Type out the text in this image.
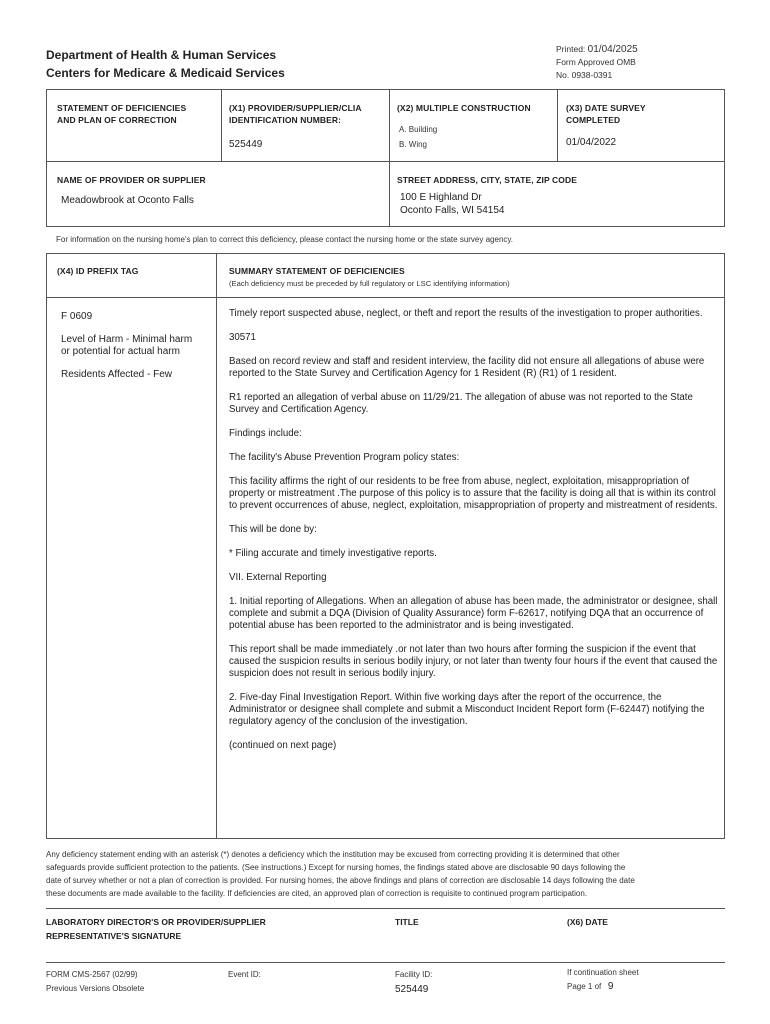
Department of Health & Human Services
Centers for Medicare & Medicaid Services
Printed: 01/04/2025
Form Approved OMB
No. 0938-0391
STATEMENT OF DEFICIENCIES
AND PLAN OF CORRECTION
(X1) PROVIDER/SUPPLIER/CLIA
IDENTIFICATION NUMBER:
525449
(X2) MULTIPLE CONSTRUCTION
A. Building
B. Wing
(X3) DATE SURVEY
COMPLETED
01/04/2022
NAME OF PROVIDER OR SUPPLIER
Meadowbrook at Oconto Falls
STREET ADDRESS, CITY, STATE, ZIP CODE
100 E Highland Dr
Oconto Falls, WI 54154
For information on the nursing home's plan to correct this deficiency, please contact the nursing home or the state survey agency.
(X4) ID PREFIX TAG	SUMMARY STATEMENT OF DEFICIENCIES
(Each deficiency must be preceded by full regulatory or LSC identifying information)
F 0609
Level of Harm - Minimal harm
or potential for actual harm
Residents Affected - Few

Timely report suspected abuse, neglect, or theft and report the results of the investigation to proper authorities.

30571

Based on record review and staff and resident interview, the facility did not ensure all allegations of abuse were reported to the State Survey and Certification Agency for 1 Resident (R) (R1) of 1 resident.

R1 reported an allegation of verbal abuse on 11/29/21. The allegation of abuse was not reported to the State Survey and Certification Agency.

Findings include:

The facility's Abuse Prevention Program policy states:

This facility affirms the right of our residents to be free from abuse, neglect, exploitation, misappropriation of property or mistreatment .The purpose of this policy is to assure that the facility is doing all that is within its control to prevent occurrences of abuse, neglect, exploitation, misappropriation of property and mistreatment of residents.

This will be done by:

* Filing accurate and timely investigative reports.

VII. External Reporting

1. Initial reporting of Allegations. When an allegation of abuse has been made, the administrator or designee, shall complete and submit a DQA (Division of Quality Assurance) form F-62617, notifying DQA that an occurrence of potential abuse has been reported to the administrator and is being investigated.

This report shall be made immediately .or not later than two hours after forming the suspicion if the event that caused the suspicion results in serious bodily injury, or not later than twenty four hours if the event that caused the suspicion does not result in serious bodily injury.

2. Five-day Final Investigation Report. Within five working days after the report of the occurrence, the Administrator or designee shall complete and submit a Misconduct Incident Report form (F-62447) notifying the regulatory agency of the conclusion of the investigation.

(continued on next page)

Any deficiency statement ending with an asterisk (*) denotes a deficiency which the institution may be excused from correcting providing it is determined that other
safeguards provide sufficient protection to the patients. (See instructions.) Except for nursing homes, the findings stated above are disclosable 90 days following the
date of survey whether or not a plan of correction is provided. For nursing homes, the above findings and plans of correction are disclosable 14 days following the date
these documents are made available to the facility. If deficiencies are cited, an approved plan of correction is requisite to continued program participation.
LABORATORY DIRECTOR'S OR PROVIDER/SUPPLIER
REPRESENTATIVE'S SIGNATURE
TITLE	(X6) DATE
FORM CMS-2567 (02/99)
Previous Versions Obsolete
Event ID:	Facility ID:
525449
If continuation sheet
Page 1 of 9
